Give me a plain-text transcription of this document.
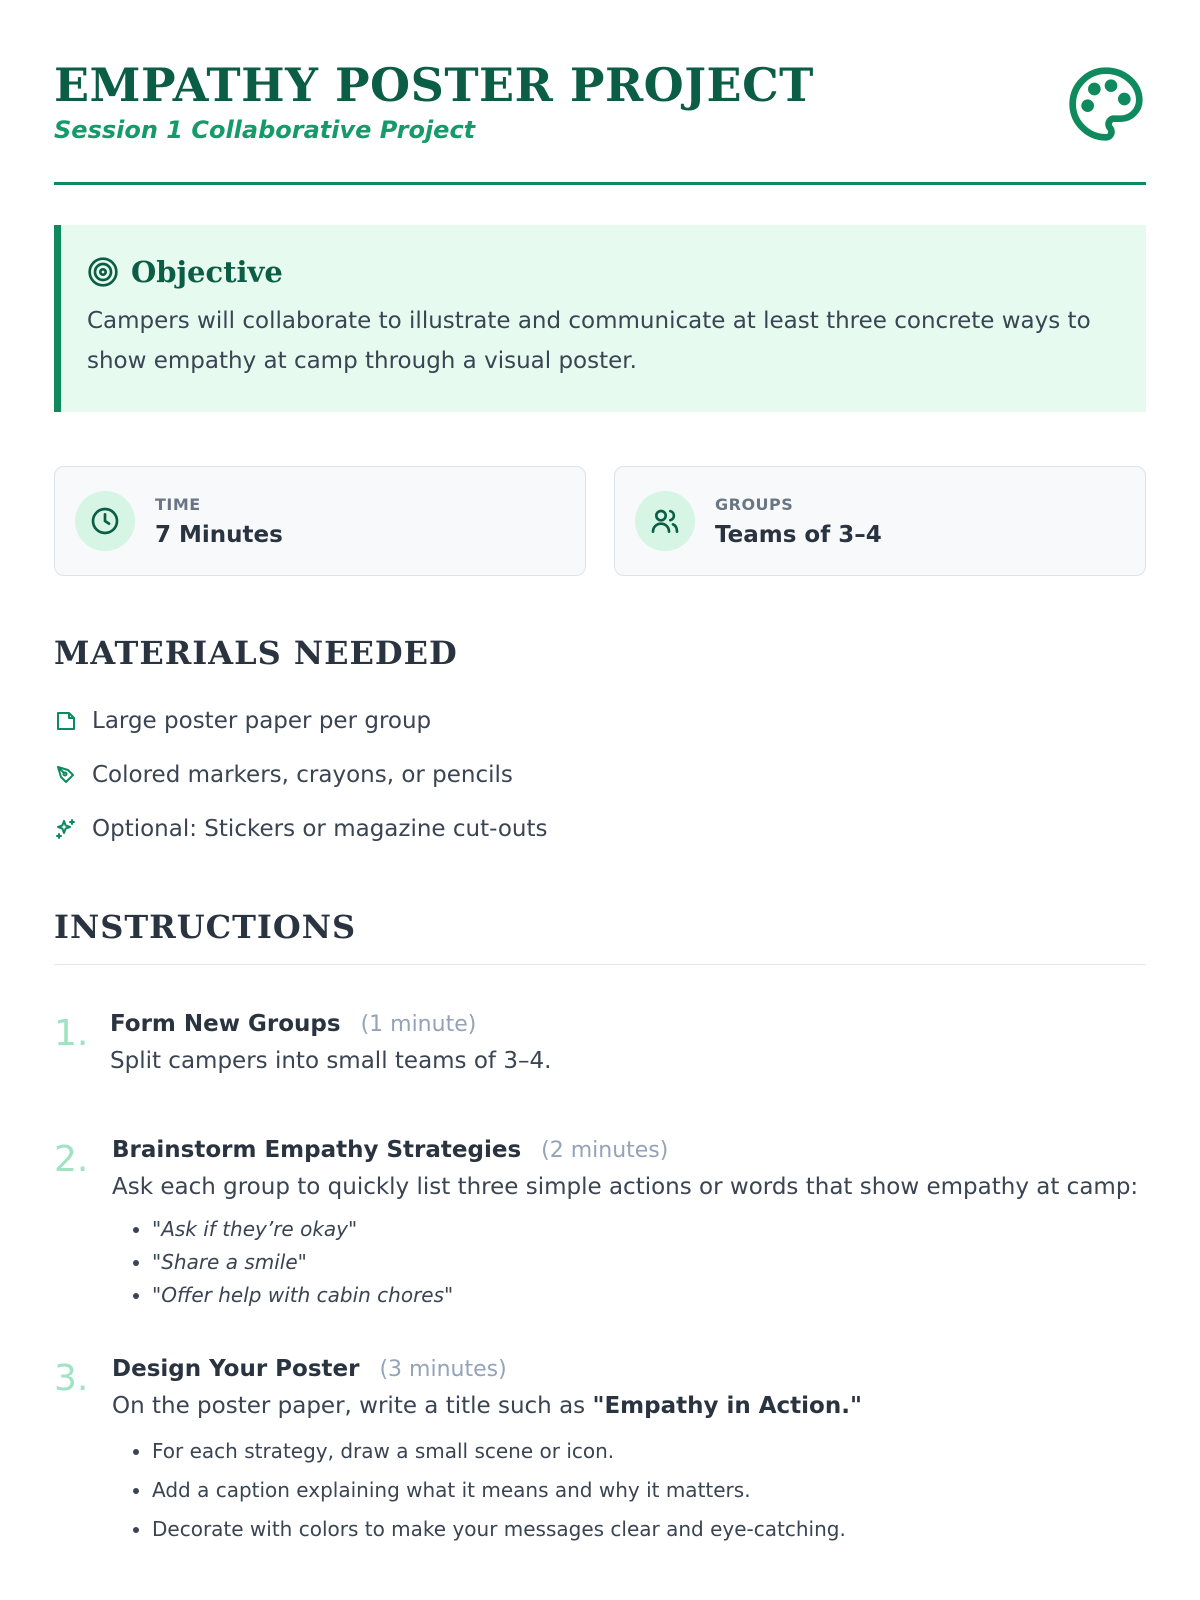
EMPATHY POSTER PROJECT
Session 1 Collaborative Project
Objective

Campers will collaborate to illustrate and communicate at least three concrete ways to show empathy at camp through a visual poster.

TIME
7 Minutes
GROUPS
Teams of 3–4
MATERIALS NEEDED
Large poster paper per group
Colored markers, crayons, or pencils
Optional: Stickers or magazine cut-outs
INSTRUCTIONS
1. Form New Groups (1 minute)

Split campers into small teams of 3–4.

2. Brainstorm Empathy Strategies (2 minutes)

Ask each group to quickly list three simple actions or words that show empathy at camp:

• "Ask if they’re okay"
• "Share a smile"
• "Offer help with cabin chores"
3. Design Your Poster (3 minutes)

On the poster paper, write a title such as "Empathy in Action."

• For each strategy, draw a small scene or icon.
• Add a caption explaining what it means and why it matters.
• Decorate with colors to make your messages clear and eye-catching.
